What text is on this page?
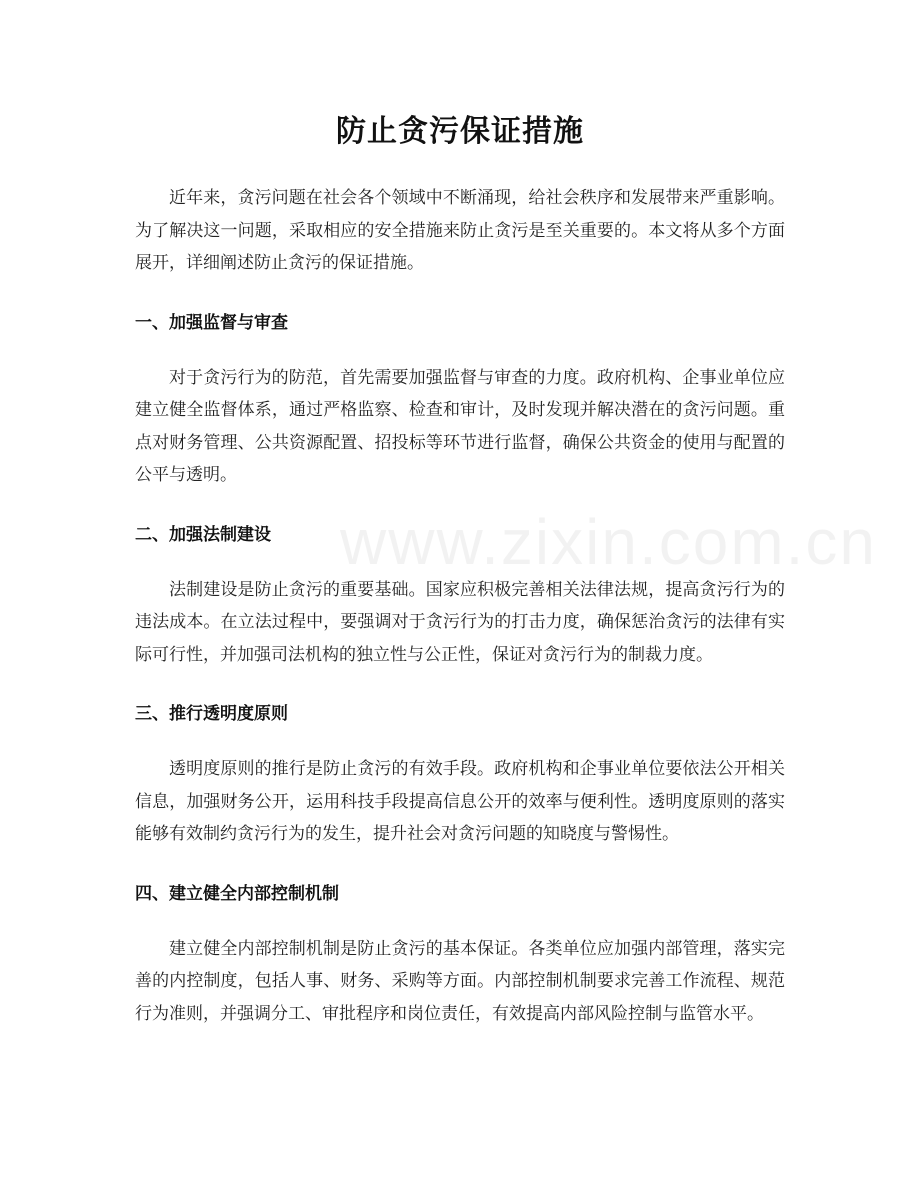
www.zixin.com.cn
防止贪污保证措施

近年来，贪污问题在社会各个领域中不断涌现，给社会秩序和发展带来严重影响。为了解决这一问题，采取相应的安全措施来防止贪污是至关重要的。本文将从多个方面展开，详细阐述防止贪污的保证措施。

一、加强监督与审查

对于贪污行为的防范，首先需要加强监督与审查的力度。政府机构、企事业单位应建立健全监督体系，通过严格监察、检查和审计，及时发现并解决潜在的贪污问题。重点对财务管理、公共资源配置、招投标等环节进行监督，确保公共资金的使用与配置的公平与透明。

二、加强法制建设

法制建设是防止贪污的重要基础。国家应积极完善相关法律法规，提高贪污行为的违法成本。在立法过程中，要强调对于贪污行为的打击力度，确保惩治贪污的法律有实际可行性，并加强司法机构的独立性与公正性，保证对贪污行为的制裁力度。

三、推行透明度原则

透明度原则的推行是防止贪污的有效手段。政府机构和企事业单位要依法公开相关信息，加强财务公开，运用科技手段提高信息公开的效率与便利性。透明度原则的落实能够有效制约贪污行为的发生，提升社会对贪污问题的知晓度与警惕性。

四、建立健全内部控制机制

建立健全内部控制机制是防止贪污的基本保证。各类单位应加强内部管理，落实完善的内控制度，包括人事、财务、采购等方面。内部控制机制要求完善工作流程、规范行为准则，并强调分工、审批程序和岗位责任，有效提高内部风险控制与监管水平。
